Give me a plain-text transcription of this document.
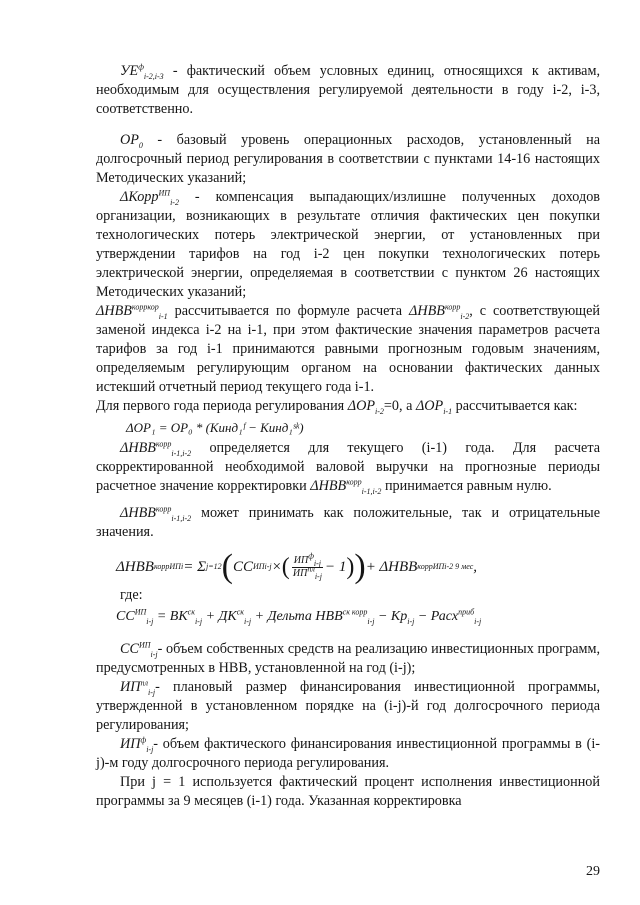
$УЕ^ф_{i-2,i-3}$ - фактический объем условных единиц, относящихся к активам, необходимым для осуществления регулируемой деятельности в году i-2, i-3, соответственно.

$ОР_0$ - базовый уровень операционных расходов, установленный на долгосрочный период регулирования в соответствии с пунктами 14-16 настоящих Методических указаний;

ΔКорр$^{ИП}_{i-2}$ - компенсация выпадающих/излишне полученных доходов организации, возникающих в результате отличия фактических цен покупки технологических потерь электрической энергии, от установленных при утверждении тарифов на год i-2 цен покупки технологических потерь электрической энергии, определяемая в соответствии с пунктом 26 настоящих Методических указаний;

$\Delta НВВ^{корркор}_{i-1}$ рассчитывается по формуле расчета $\Delta НВВ^{корр}_{i-2}$, с соответствующей заменой индекса i-2 на i-1, при этом фактические значения параметров расчета тарифов за год i-1 принимаются равными прогнозным годовым значениям, определяемым регулирующим органом на основании фактических данных истекший отчетный период текущего года i-1.

Для первого года периода регулирования $\Delta ОР_{i-2}=0$, а $\Delta ОР_{i-1}$ рассчитывается как:

ΔОР₁ = ОР₀ * (Кинд₁ᶠ − Кинд₁ˢᵏ)

$\Delta НВВ^{корр}_{i-1,i-2}$ определяется для текущего (i-1) года. Для расчета скорректированной необходимой валовой выручки на прогнозные периоды расчетное значение корректировки $\Delta НВВ^{корр}_{i-1,i-2}$ принимается равным нулю.

$\Delta НВВ^{корр}_{i-1,i-2}$ может принимать как положительные, так и отрицательные значения.

ΔНВВ коррИП i = Σ j=1 2 ( СС ИП i-j × ( $\frac{ИП^ф_{i-j}}{ИП^{пл}_{i-j}} - 1$ ) ) + ΔНВВ коррИП i-2 9 мес ,

где:

$СС^{ИП}_{i-j} = ВК^{ск}_{i-j} + ДК^{ск}_{i-j}$ + Дельта $НВВ^{ск корр}_{i-j} - Кр_{i-j}$ − Расх$^{приб}_{i-j}$

$СС^{ИП}_{i-j}-$ объем собственных средств на реализацию инвестиционных программ, предусмотренных в НВВ, установленной на год (i-j);

$ИП^{пл}_{i-j}-$ плановый размер финансирования инвестиционной программы, утвержденной в установленном порядке на (i-j)-й год долгосрочного периода регулирования;

$ИП^ф_{i-j}-$ объем фактического финансирования инвестиционной программы в (i-j)-м году долгосрочного периода регулирования.

При j = 1 используется фактический процент исполнения инвестиционной программы за 9 месяцев (i-1) года. Указанная корректировка

29
